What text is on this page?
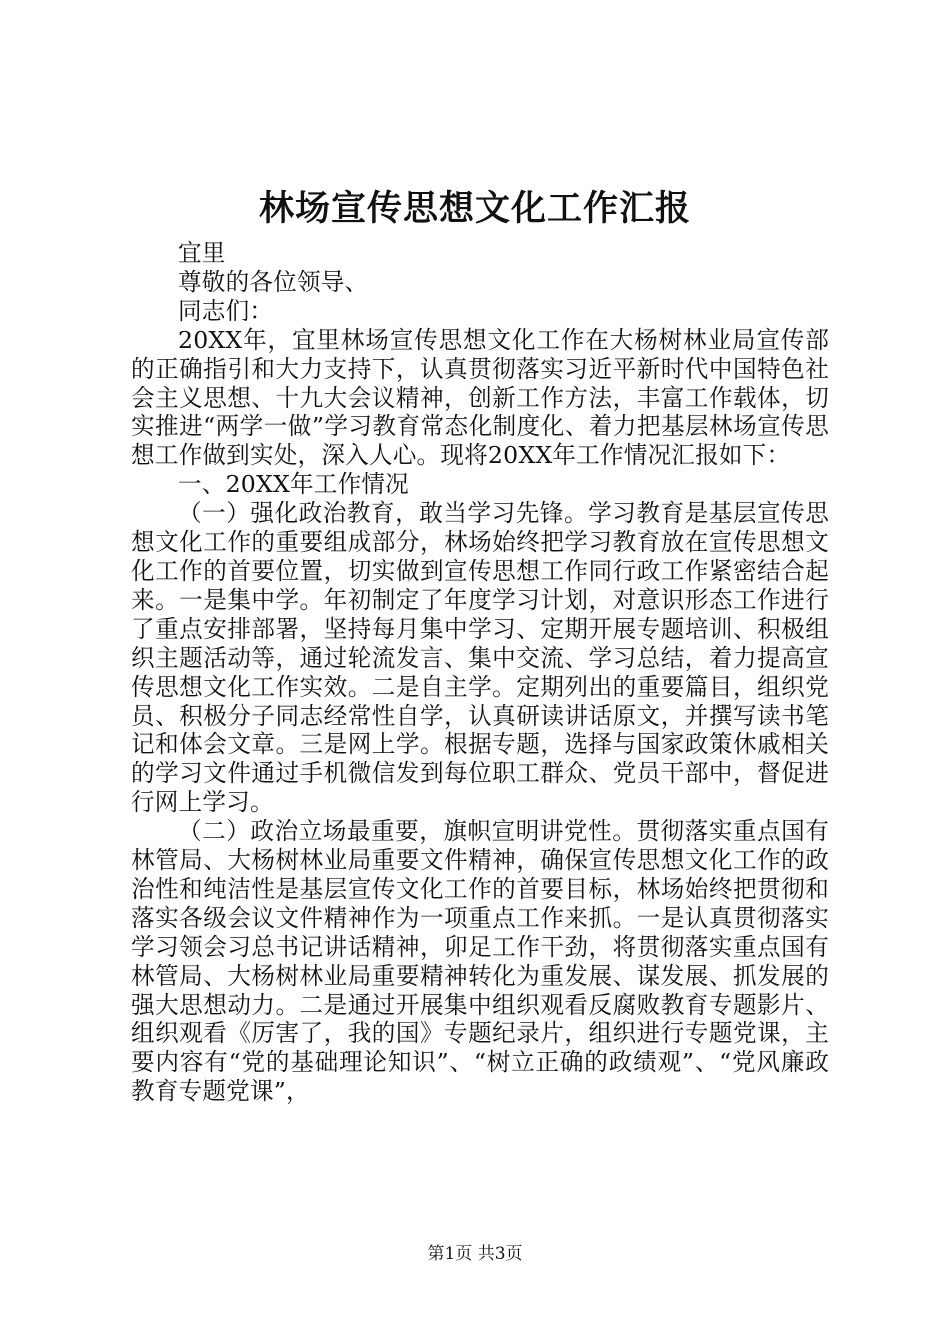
林场宣传思想文化工作汇报

宜里

尊敬的各位领导、

同志们：

20XX年，宜里林场宣传思想文化工作在大杨树林业局宣传部的正确指引和大力支持下，认真贯彻落实习近平新时代中国特色社会主义思想、十九大会议精神，创新工作方法，丰富工作载体，切实推进“两学一做”学习教育常态化制度化、着力把基层林场宣传思想工作做到实处，深入人心。现将20XX年工作情况汇报如下：

一、20XX年工作情况

（一）强化政治教育，敢当学习先锋。学习教育是基层宣传思想文化工作的重要组成部分，林场始终把学习教育放在宣传思想文化工作的首要位置，切实做到宣传思想工作同行政工作紧密结合起来。一是集中学。年初制定了年度学习计划，对意识形态工作进行了重点安排部署，坚持每月集中学习、定期开展专题培训、积极组织主题活动等，通过轮流发言、集中交流、学习总结，着力提高宣传思想文化工作实效。二是自主学。定期列出的重要篇目，组织党员、积极分子同志经常性自学，认真研读讲话原文，并撰写读书笔记和体会文章。三是网上学。根据专题，选择与国家政策休戚相关的学习文件通过手机微信发到每位职工群众、党员干部中，督促进行网上学习。

（二）政治立场最重要，旗帜宣明讲党性。贯彻落实重点国有林管局、大杨树林业局重要文件精神，确保宣传思想文化工作的政治性和纯洁性是基层宣传文化工作的首要目标，林场始终把贯彻和落实各级会议文件精神作为一项重点工作来抓。一是认真贯彻落实学习领会习总书记讲话精神，卯足工作干劲，将贯彻落实重点国有林管局、大杨树林业局重要精神转化为重发展、谋发展、抓发展的强大思想动力。二是通过开展集中组织观看反腐败教育专题影片、组织观看《厉害了，我的国》专题纪录片，组织进行专题党课，主要内容有“党的基础理论知识”、“树立正确的政绩观”、“党风廉政教育专题党课”，

第1页 共3页
